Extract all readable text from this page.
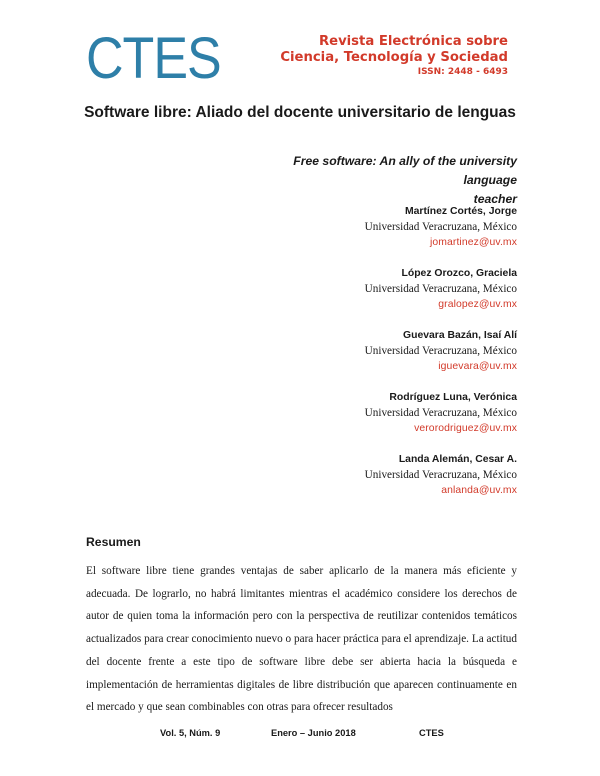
CTES	Revista Electrónica sobre
Ciencia, Tecnología y Sociedad
ISSN: 2448 - 6493
Software libre: Aliado del docente universitario de lenguas
Free software: An ally of the university language
teacher
Martínez Cortés, Jorge
Universidad Veracruzana, México
jomartinez@uv.mx
López Orozco, Graciela
Universidad Veracruzana, México
gralopez@uv.mx
Guevara Bazán, Isaí Alí
Universidad Veracruzana, México
iguevara@uv.mx
Rodríguez Luna, Verónica
Universidad Veracruzana, México
verorodriguez@uv.mx
Landa Alemán, Cesar A.
Universidad Veracruzana, México
anlanda@uv.mx
Resumen
El software libre tiene grandes ventajas de saber aplicarlo de la manera más eficiente y adecuada. De lograrlo, no habrá limitantes mientras el académico considere los derechos de autor de quien toma la información pero con la perspectiva de reutilizar contenidos temáticos actualizados para crear conocimiento nuevo o para hacer práctica para el aprendizaje. La actitud del docente frente a este tipo de software libre debe ser abierta hacia la búsqueda e implementación de herramientas digitales de libre distribución que aparecen continuamente en el mercado y que sean combinables con otras para ofrecer resultados
Vol. 5, Núm. 9	Enero – Junio 2018	CTES
